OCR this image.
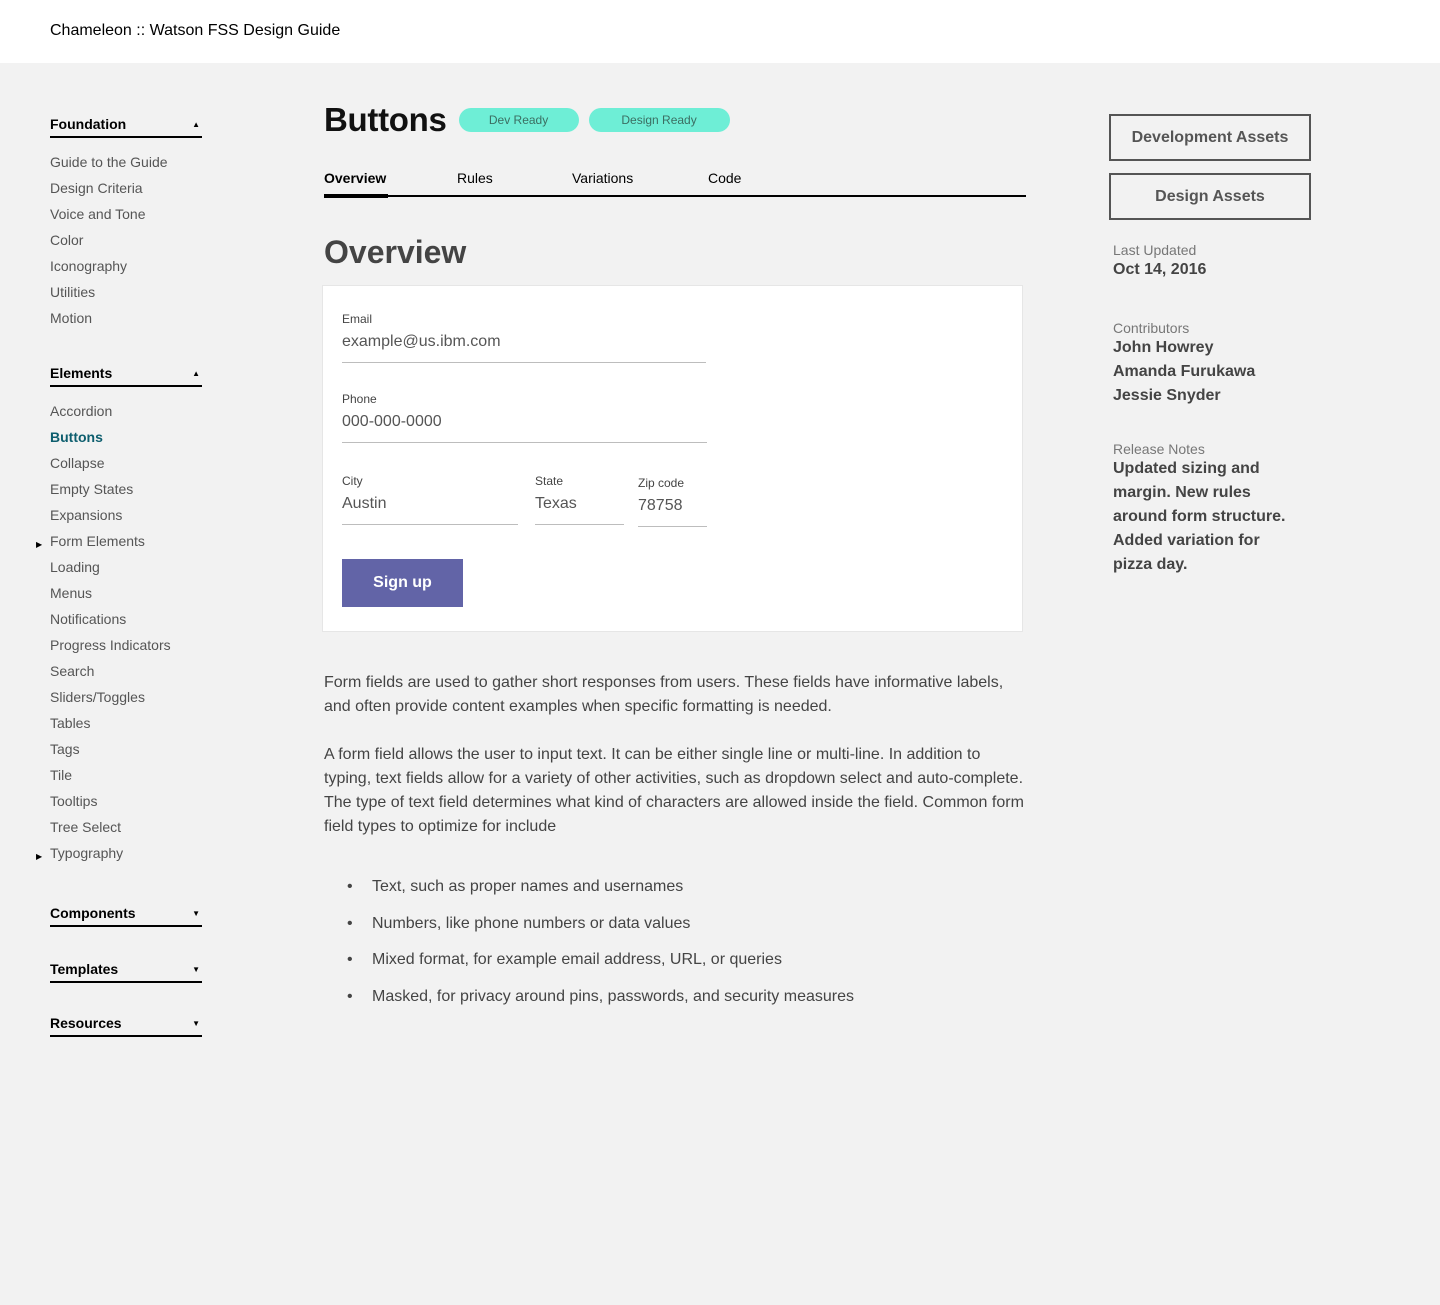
Chameleon :: Watson FSS Design Guide
Foundation	▲
Guide to the Guide
Design Criteria
Voice and Tone
Color
Iconography
Utilities
Motion
Elements	▲
Accordion
Buttons
Collapse
Empty States
Expansions
▶ Form Elements
Loading
Menus
Notifications
Progress Indicators
Search
Sliders/Toggles
Tables
Tags
Tile
Tooltips
Tree Select
▶ Typography
Components	▼
Templates	▼
Resources	▼
Buttons	Dev Ready	Design Ready
Overview	Rules	Variations	Code
Overview
Email
example@us.ibm.com
Phone
000-000-0000
City
Austin
State
Texas
Zip code
78758
Sign up

Form fields are used to gather short responses from users. These fields have informative labels, and often provide content examples when specific formatting is needed.

A form field allows the user to input text. It can be either single line or multi-line. In addition to typing, text fields allow for a variety of other activities, such as dropdown select and auto-complete. The type of text field determines what kind of characters are allowed inside the field. Common form field types to optimize for include

• Text, such as proper names and usernames
• Numbers, like phone numbers or data values
• Mixed format, for example email address, URL, or queries
• Masked, for privacy around pins, passwords, and security measures
Development Assets
Design Assets
Last Updated
Oct 14, 2016
Contributors
John Howrey
Amanda Furukawa
Jessie Snyder
Release Notes
Updated sizing and margin. New rules around form structure. Added variation for pizza day.
